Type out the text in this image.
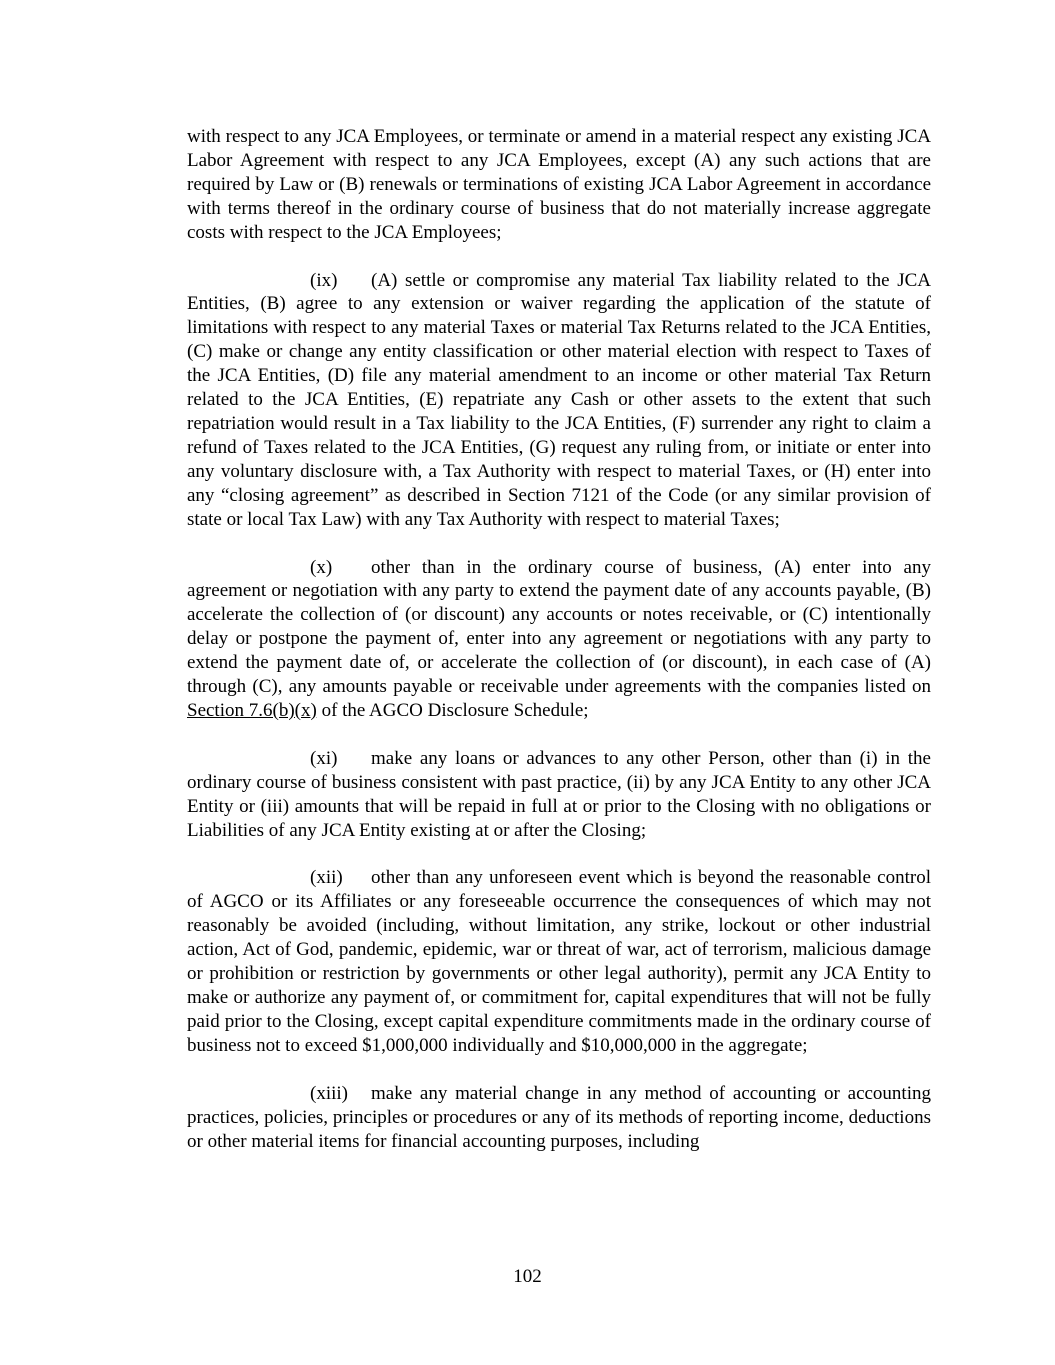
with respect to any JCA Employees, or terminate or amend in a material respect any existing JCA Labor Agreement with respect to any JCA Employees, except (A) any such actions that are required by Law or (B) renewals or terminations of existing JCA Labor Agreement in accordance with terms thereof in the ordinary course of business that do not materially increase aggregate costs with respect to the JCA Employees;

(ix) (A) settle or compromise any material Tax liability related to the JCA Entities, (B) agree to any extension or waiver regarding the application of the statute of limitations with respect to any material Taxes or material Tax Returns related to the JCA Entities, (C) make or change any entity classification or other material election with respect to Taxes of the JCA Entities, (D) file any material amendment to an income or other material Tax Return related to the JCA Entities, (E) repatriate any Cash or other assets to the extent that such repatriation would result in a Tax liability to the JCA Entities, (F) surrender any right to claim a refund of Taxes related to the JCA Entities, (G) request any ruling from, or initiate or enter into any voluntary disclosure with, a Tax Authority with respect to material Taxes, or (H) enter into any “closing agreement” as described in Section 7121 of the Code (or any similar provision of state or local Tax Law) with any Tax Authority with respect to material Taxes;

(x) other than in the ordinary course of business, (A) enter into any agreement or negotiation with any party to extend the payment date of any accounts payable, (B) accelerate the collection of (or discount) any accounts or notes receivable, or (C) intentionally delay or postpone the payment of, enter into any agreement or negotiations with any party to extend the payment date of, or accelerate the collection of (or discount), in each case of (A) through (C), any amounts payable or receivable under agreements with the companies listed on Section 7.6(b)(x) of the AGCO Disclosure Schedule;

(xi) make any loans or advances to any other Person, other than (i) in the ordinary course of business consistent with past practice, (ii) by any JCA Entity to any other JCA Entity or (iii) amounts that will be repaid in full at or prior to the Closing with no obligations or Liabilities of any JCA Entity existing at or after the Closing;

(xii) other than any unforeseen event which is beyond the reasonable control of AGCO or its Affiliates or any foreseeable occurrence the consequences of which may not reasonably be avoided (including, without limitation, any strike, lockout or other industrial action, Act of God, pandemic, epidemic, war or threat of war, act of terrorism, malicious damage or prohibition or restriction by governments or other legal authority), permit any JCA Entity to make or authorize any payment of, or commitment for, capital expenditures that will not be fully paid prior to the Closing, except capital expenditure commitments made in the ordinary course of business not to exceed $1,000,000 individually and $10,000,000 in the aggregate;

(xiii) make any material change in any method of accounting or accounting practices, policies, principles or procedures or any of its methods of reporting income, deductions or other material items for financial accounting purposes, including

102
